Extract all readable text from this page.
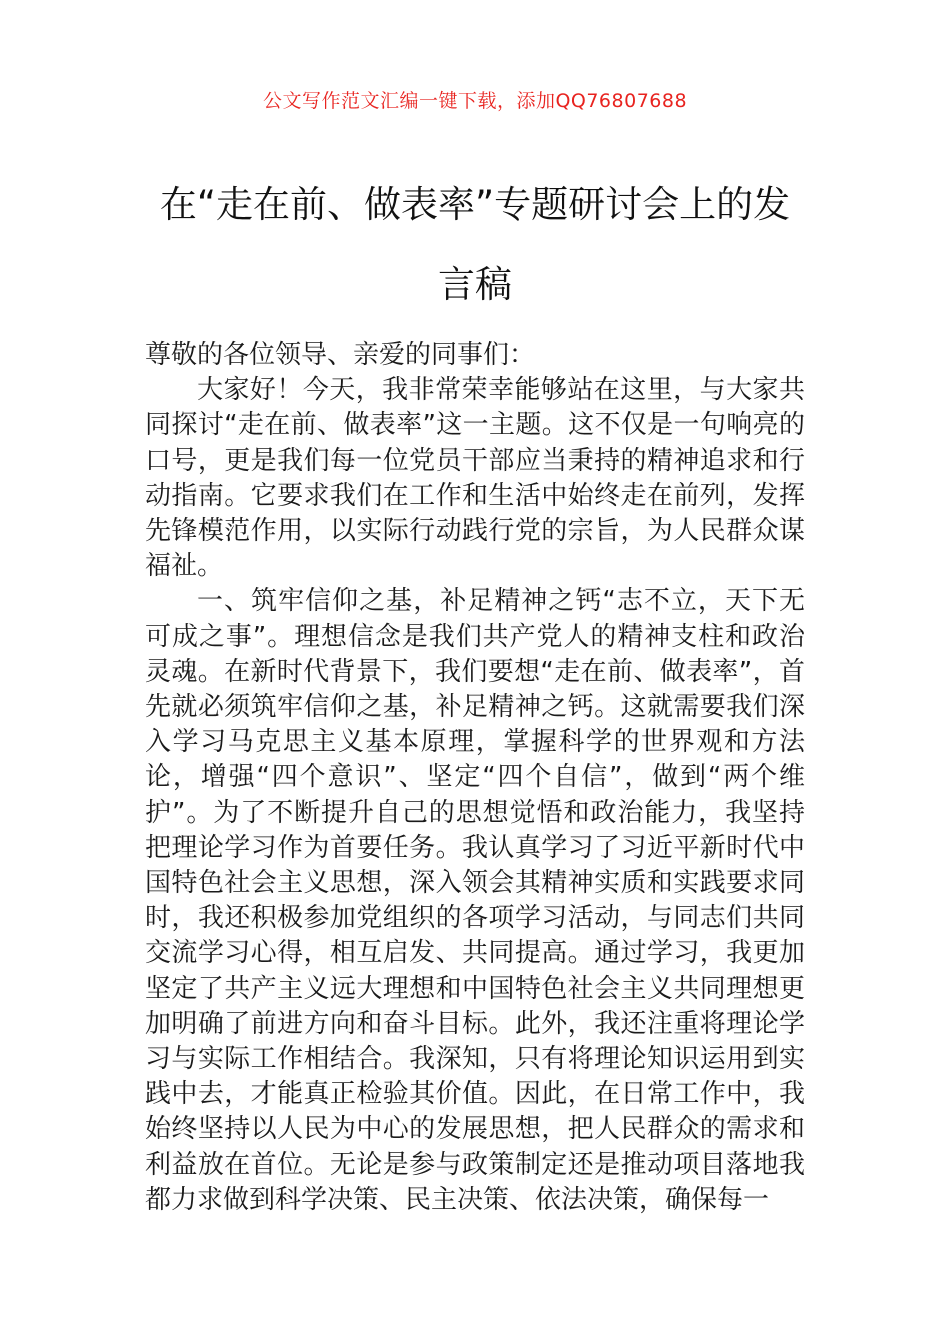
公文写作范文汇编一键下载，添加QQ76807688
在“走在前、做表率”专题研讨会上的发言稿

尊敬的各位领导、亲爱的同事们：

大家好！今天，我非常荣幸能够站在这里，与大家共同探讨“走在前、做表率”这一主题。这不仅是一句响亮的口号，更是我们每一位党员干部应当秉持的精神追求和行动指南。它要求我们在工作和生活中始终走在前列，发挥先锋模范作用，以实际行动践行党的宗旨，为人民群众谋福祉。

一、筑牢信仰之基，补足精神之钙“志不立，天下无可成之事”。理想信念是我们共产党人的精神支柱和政治灵魂。在新时代背景下，我们要想“走在前、做表率”，首先就必须筑牢信仰之基，补足精神之钙。这就需要我们深入学习马克思主义基本原理，掌握科学的世界观和方法论，增强“四个意识”、坚定“四个自信”，做到“两个维护”。为了不断提升自己的思想觉悟和政治能力，我坚持把理论学习作为首要任务。我认真学习了习近平新时代中国特色社会主义思想，深入领会其精神实质和实践要求同时，我还积极参加党组织的各项学习活动，与同志们共同交流学习心得，相互启发、共同提高。通过学习，我更加坚定了共产主义远大理想和中国特色社会主义共同理想更加明确了前进方向和奋斗目标。此外，我还注重将理论学习与实际工作相结合。我深知，只有将理论知识运用到实践中去，才能真正检验其价值。因此，在日常工作中，我始终坚持以人民为中心的发展思想，把人民群众的需求和利益放在首位。无论是参与政策制定还是推动项目落地我都力求做到科学决策、民主决策、依法决策，确保每一
